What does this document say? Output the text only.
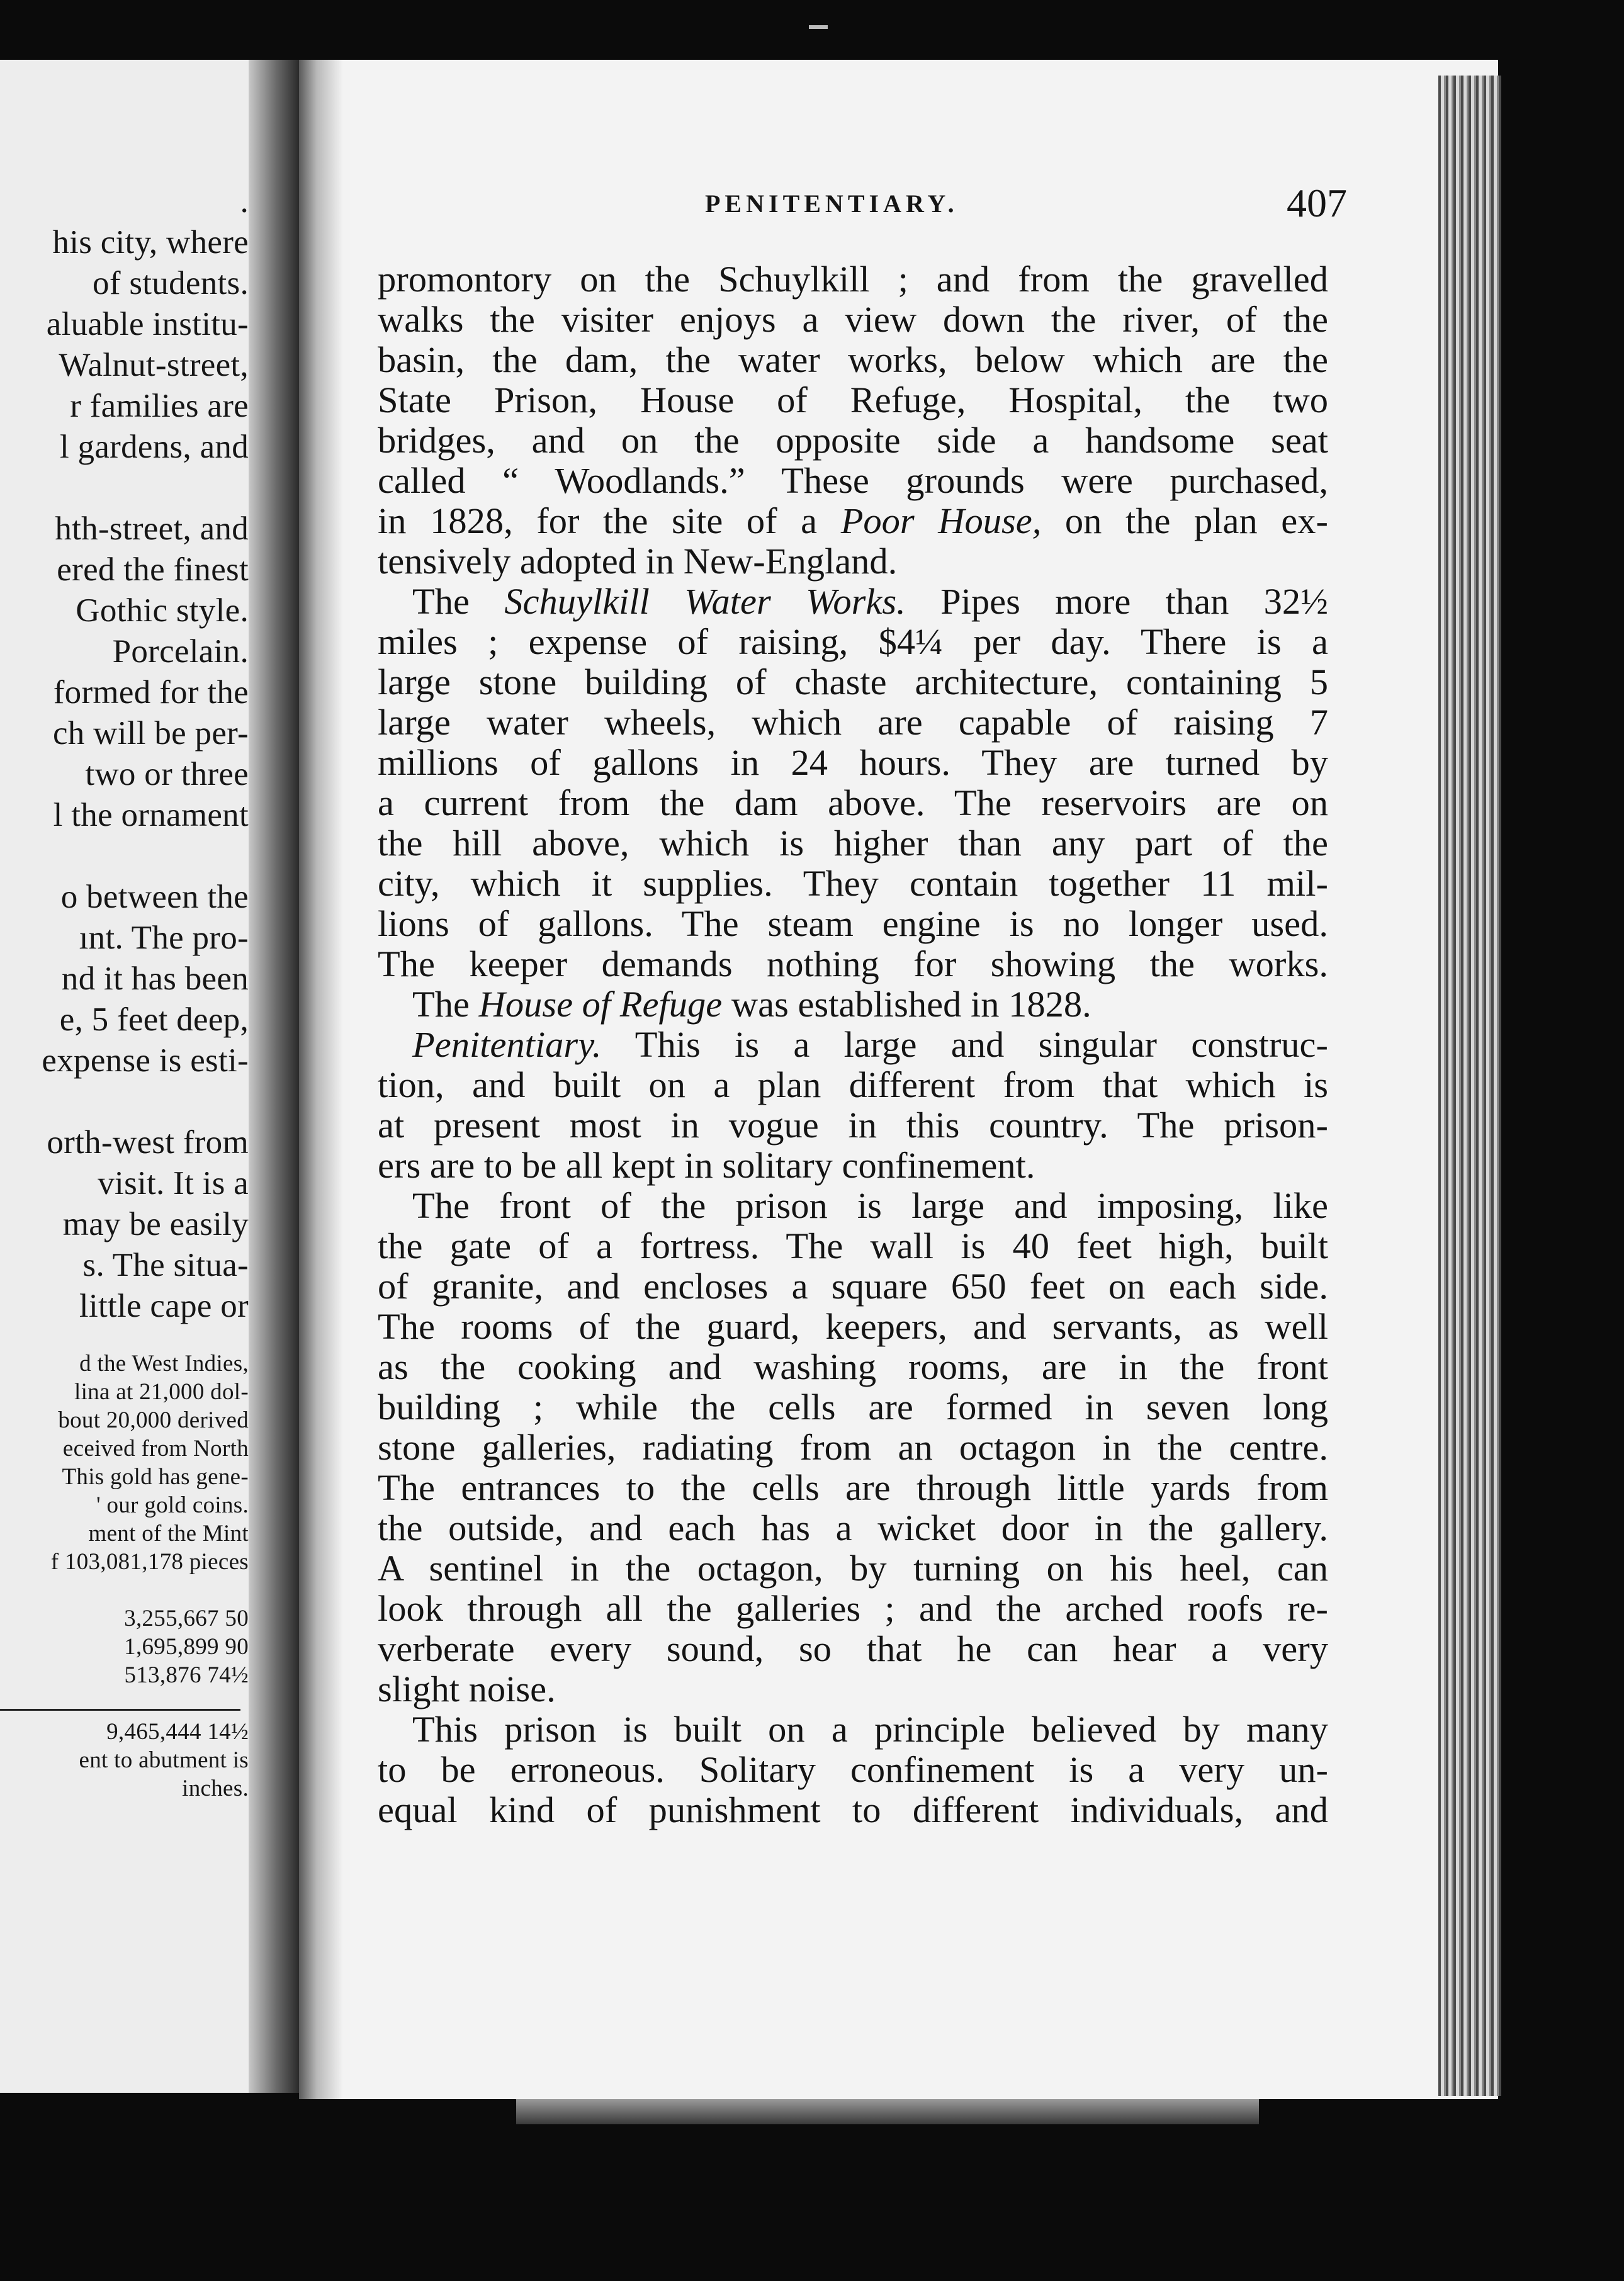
.
his city, where
of students.
aluable institu-
Walnut-street,
r families are
l gardens, and
hth-street, and
ered the finest
Gothic style.
Porcelain.
formed for the
ch will be per-
two or three
l the ornament
o between the
ınt. The pro-
nd it has been
e, 5 feet deep,
expense is esti-
orth-west from
visit. It is a
may be easily
s. The situa-
little cape or
d the West Indies,
lina at 21,000 dol-
bout 20,000 derived
eceived from North
This gold has gene-
' our gold coins.
ment of the Mint
f 103,081,178 pieces
3,255,667 50
1,695,899 90
513,876 74½
9,465,444 14½
ent to abutment is
inches.
PENITENTIARY.	407
promontory on the Schuylkill ; and from the gravelled
walks the visiter enjoys a view down the river, of the
basin, the dam, the water works, below which are the
State Prison, House of Refuge, Hospital, the two
bridges, and on the opposite side a handsome seat
called “ Woodlands.” These grounds were purchased,
in 1828, for the site of a Poor House, on the plan ex-
tensively adopted in New-England.
The Schuylkill Water Works. Pipes more than 32½
miles ; expense of raising, $4¼ per day. There is a
large stone building of chaste architecture, containing 5
large water wheels, which are capable of raising 7
millions of gallons in 24 hours. They are turned by
a current from the dam above. The reservoirs are on
the hill above, which is higher than any part of the
city, which it supplies. They contain together 11 mil-
lions of gallons. The steam engine is no longer used.
The keeper demands nothing for showing the works.
The House of Refuge was established in 1828.
Penitentiary. This is a large and singular construc-
tion, and built on a plan different from that which is
at present most in vogue in this country. The prison-
ers are to be all kept in solitary confinement.
The front of the prison is large and imposing, like
the gate of a fortress. The wall is 40 feet high, built
of granite, and encloses a square 650 feet on each side.
The rooms of the guard, keepers, and servants, as well
as the cooking and washing rooms, are in the front
building ; while the cells are formed in seven long
stone galleries, radiating from an octagon in the centre.
The entrances to the cells are through little yards from
the outside, and each has a wicket door in the gallery.
A sentinel in the octagon, by turning on his heel, can
look through all the galleries ; and the arched roofs re-
verberate every sound, so that he can hear a very
slight noise.
This prison is built on a principle believed by many
to be erroneous. Solitary confinement is a very un-
equal kind of punishment to different individuals, and
